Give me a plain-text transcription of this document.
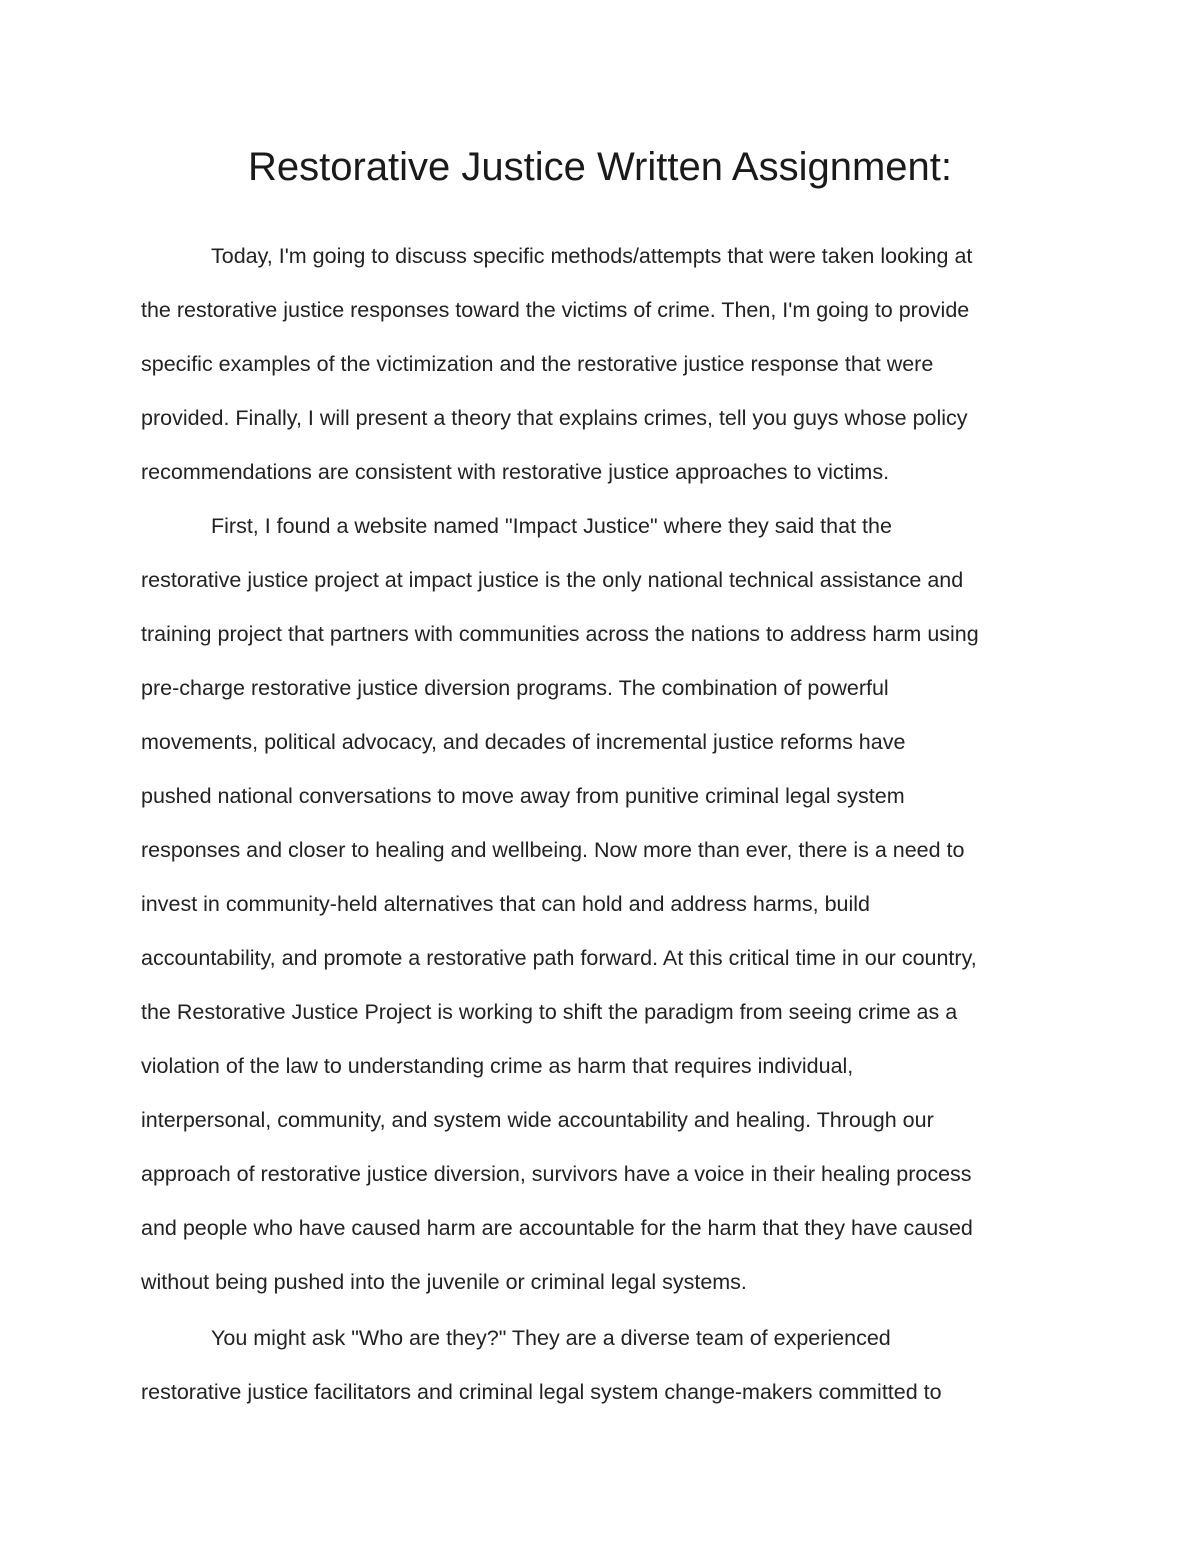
Restorative Justice Written Assignment:

Today, I'm going to discuss specific methods/attempts that were taken looking at

the restorative justice responses toward the victims of crime. Then, I'm going to provide

specific examples of the victimization and the restorative justice response that were

provided. Finally, I will present a theory that explains crimes, tell you guys whose policy

recommendations are consistent with restorative justice approaches to victims.

First, I found a website named "Impact Justice" where they said that the

restorative justice project at impact justice is the only national technical assistance and

training project that partners with communities across the nations to address harm using

pre-charge restorative justice diversion programs. The combination of powerful

movements, political advocacy, and decades of incremental justice reforms have

pushed national conversations to move away from punitive criminal legal system

responses and closer to healing and wellbeing. Now more than ever, there is a need to

invest in community-held alternatives that can hold and address harms, build

accountability, and promote a restorative path forward. At this critical time in our country,

the Restorative Justice Project is working to shift the paradigm from seeing crime as a

violation of the law to understanding crime as harm that requires individual,

interpersonal, community, and system wide accountability and healing. Through our

approach of restorative justice diversion, survivors have a voice in their healing process

and people who have caused harm are accountable for the harm that they have caused

without being pushed into the juvenile or criminal legal systems.

You might ask "Who are they?" They are a diverse team of experienced

restorative justice facilitators and criminal legal system change-makers committed to
